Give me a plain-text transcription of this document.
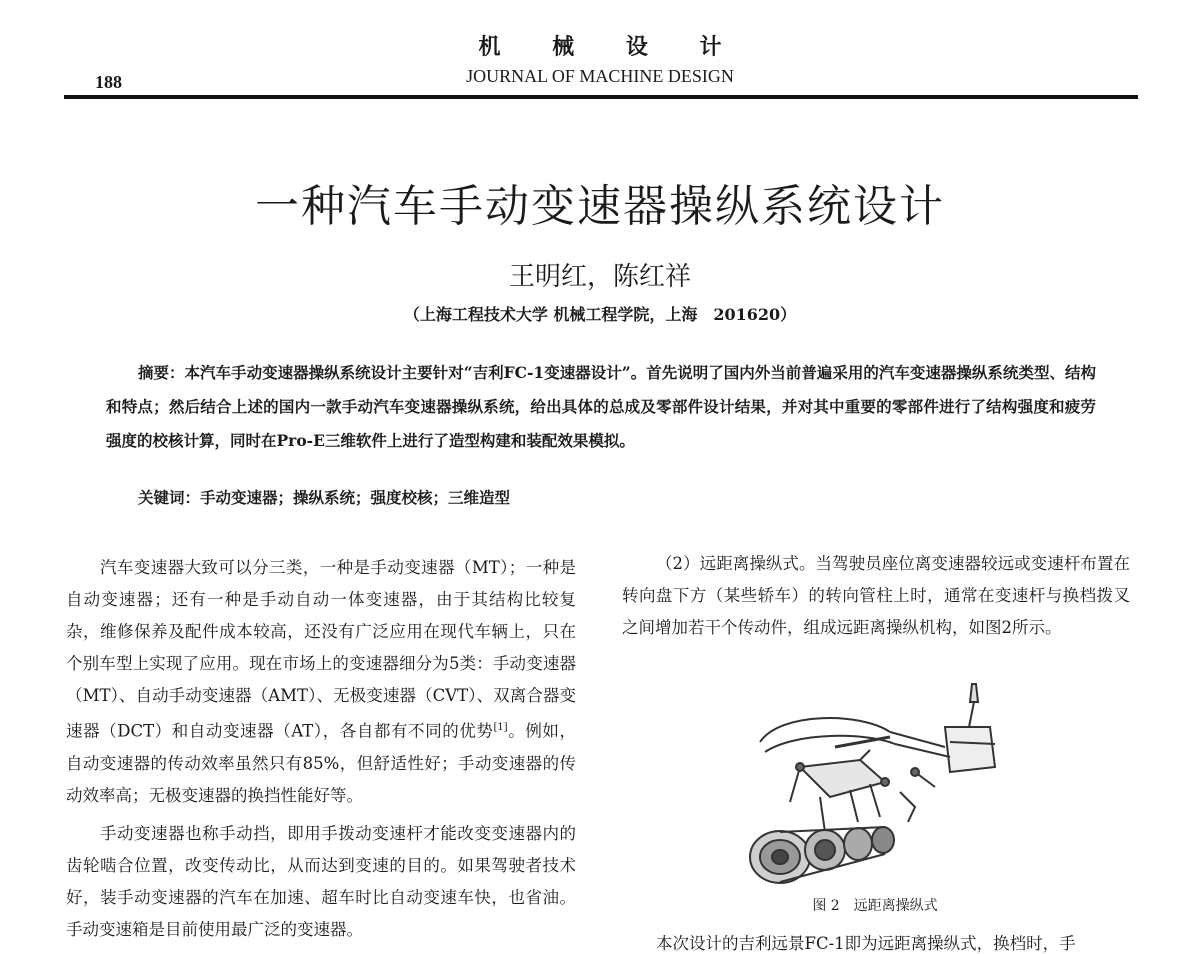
机 械 设 计
JOURNAL OF MACHINE DESIGN
188
一种汽车手动变速器操纵系统设计
王明红，陈红祥
（上海工程技术大学 机械工程学院，上海　201620）
摘要：本汽车手动变速器操纵系统设计主要针对“吉利FC-1变速器设计”。首先说明了国内外当前普遍采用的汽车变速器操纵系统类型、结构和特点；然后结合上述的国内一款手动汽车变速器操纵系统，给出具体的总成及零部件设计结果，并对其中重要的零部件进行了结构强度和疲劳强度的校核计算，同时在Pro-E三维软件上进行了造型构建和装配效果模拟。
关键词：手动变速器；操纵系统；强度校核；三维造型

汽车变速器大致可以分三类，一种是手动变速器（MT）；一种是自动变速器；还有一种是手动自动一体变速器，由于其结构比较复杂，维修保养及配件成本较高，还没有广泛应用在现代车辆上，只在个别车型上实现了应用。现在市场上的变速器细分为5类：手动变速器（MT）、自动手动变速器（AMT）、无极变速器（CVT）、双离合器变速器（DCT）和自动变速器（AT），各自都有不同的优势[1]。例如，自动变速器的传动效率虽然只有85%，但舒适性好；手动变速器的传动效率高；无极变速器的换挡性能好等。

手动变速器也称手动挡，即用手拨动变速杆才能改变变速器内的齿轮啮合位置，改变传动比，从而达到变速的目的。如果驾驶者技术好，装手动变速器的汽车在加速、超车时比自动变速车快，也省油。手动变速箱是目前使用最广泛的变速器。

（2）远距离操纵式。当驾驶员座位离变速器较远或变速杆布置在转向盘下方（某些轿车）的转向管柱上时，通常在变速杆与换档拨叉之间增加若干个传动件，组成远距离操纵机构，如图2所示。

图 2　远距离操纵式
本次设计的吉利远景FC-1即为远距离操纵式，换档时，手
